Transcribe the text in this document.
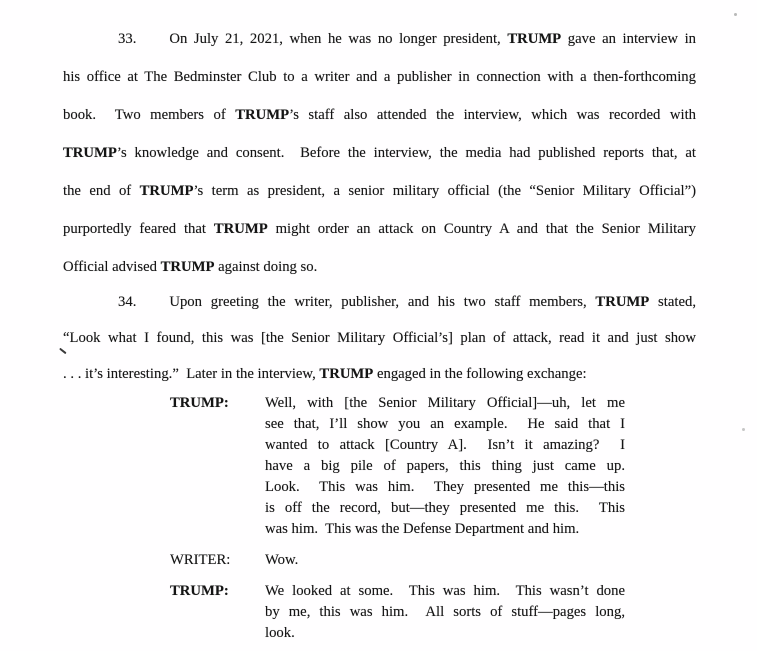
33. On July 21, 2021, when he was no longer president, TRUMP gave an interview in
his office at The Bedminster Club to a writer and a publisher in connection with a then-forthcoming
book.  Two members of TRUMP’s staff also attended the interview, which was recorded with
TRUMP’s knowledge and consent.  Before the interview, the media had published reports that, at
the end of TRUMP’s term as president, a senior military official (the “Senior Military Official”)
purportedly feared that TRUMP might order an attack on Country A and that the Senior Military
Official advised TRUMP against doing so.
34. Upon greeting the writer, publisher, and his two staff members, TRUMP stated,
“Look what I found, this was [the Senior Military Official’s] plan of attack, read it and just show
. . . it’s interesting.”  Later in the interview, TRUMP engaged in the following exchange:
TRUMP:	Well, with [the Senior Military Official]—uh, let me
see that, I’ll show you an example.  He said that I
wanted to attack [Country A].  Isn’t it amazing?  I
have a big pile of papers, this thing just came up.
Look.  This was him.  They presented me this—this
is off the record, but—they presented me this.  This
was him.  This was the Defense Department and him.
WRITER:	Wow.
TRUMP:	We looked at some.  This was him.  This wasn’t done
by me, this was him.  All sorts of stuff—pages long,
look.
